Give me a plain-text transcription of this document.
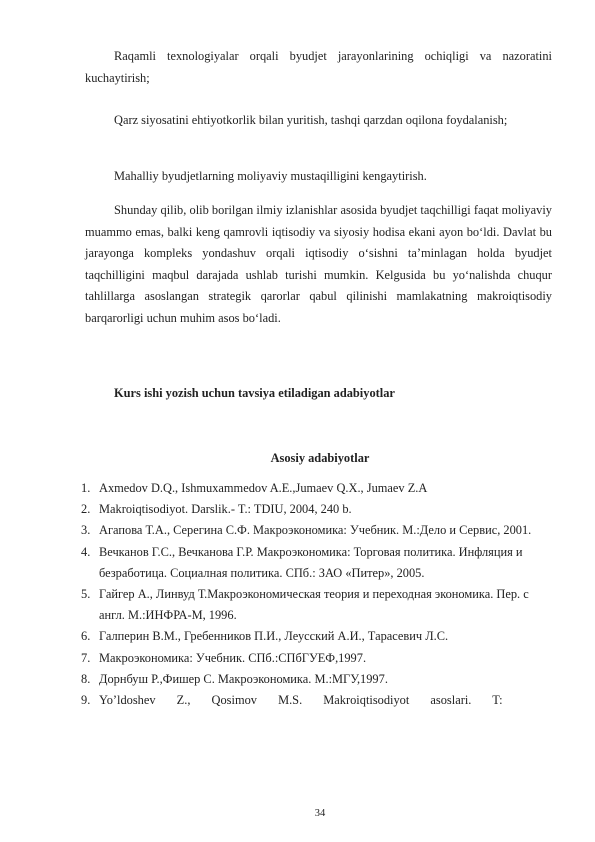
Raqamli texnologiyalar orqali byudjet jarayonlarining ochiqligi va nazoratini kuchaytirish;

Qarz siyosatini ehtiyotkorlik bilan yuritish, tashqi qarzdan oqilona foydalanish;

Mahalliy byudjetlarning moliyaviy mustaqilligini kengaytirish.

Shunday qilib, olib borilgan ilmiy izlanishlar asosida byudjet taqchilligi faqat moliyaviy muammo emas, balki keng qamrovli iqtisodiy va siyosiy hodisa ekani ayon bo‘ldi. Davlat bu jarayonga kompleks yondashuv orqali iqtisodiy o‘sishni ta’minlagan holda byudjet taqchilligini maqbul darajada ushlab turishi mumkin. Kelgusida bu yo‘nalishda chuqur tahlillarga asoslangan strategik qarorlar qabul qilinishi mamlakatning makroiqtisodiy barqarorligi uchun muhim asos bo‘ladi.

Kurs ishi yozish uchun tavsiya etiladigan adabiyotlar

Asosiy adabiyotlar

1. Axmedov D.Q., Ishmuxammedov A.E.,Jumaev Q.X., Jumaev Z.A
2. Makroiqtisodiyot. Darslik.- T.: TDIU, 2004, 240 b.
3. Агапова Т.А., Серегина С.Ф. Макроэкономика: Учебник. М.:Дело и Сервис, 2001.
4. Вечканов Г.С., Вечканова Г.Р. Макроэкономика: Торговая политика. Инфляция и безработица. Социалная политика. СПб.: ЗАО «Питер», 2005.
5. Гайгер А., Линвуд Т.Макроэкономическая теория и переходная экономика. Пер. с англ. М.:ИНФРА-М, 1996.
6. Галперин В.М., Гребенников П.И., Леусский А.И., Тарасевич Л.С.
7. Макроэкономика: Учебник. СПб.:СПбГУЕФ,1997.
8. Дорнбуш Р.,Фишер С. Макроэкономика. М.:МГУ,1997.
9. Yo’ldoshev Z., Qosimov M.S. Makroiqtisodiyot asoslari. T:

34
